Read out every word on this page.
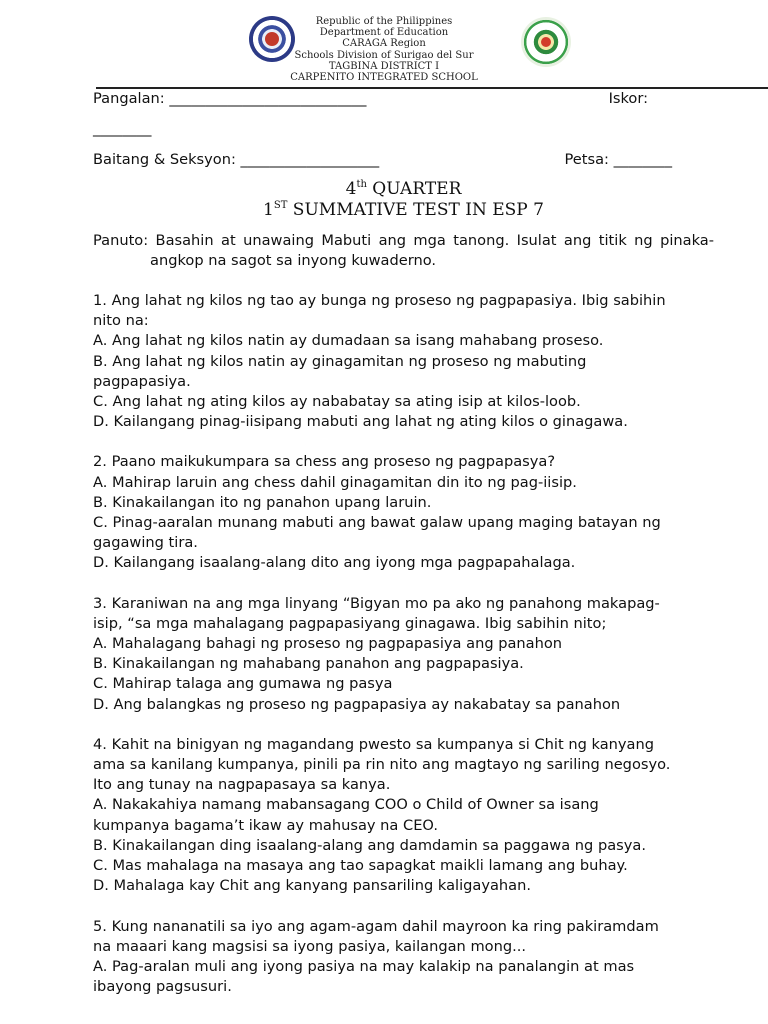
Republic of the Philippines
Department of Education
CARAGA Region
Schools Division of Surigao del Sur
TAGBINA DISTRICT I
CARPENITO INTEGRATED SCHOOL
Pangalan: ___________________________	Iskor:
________
Baitang & Seksyon: ___________________	Petsa: ________
4th QUARTER
1ST SUMMATIVE TEST IN ESP 7
Panuto: Basahin at unawaing Mabuti ang mga tanong. Isulat ang titik ng pinaka-angkop na sagot sa inyong kuwaderno.
1. Ang lahat ng kilos ng tao ay bunga ng proseso ng pagpapasiya. Ibig sabihin
nito na:
A. Ang lahat ng kilos natin ay dumadaan sa isang mahabang proseso.
B. Ang lahat ng kilos natin ay ginagamitan ng proseso ng mabuting
pagpapasiya.
C. Ang lahat ng ating kilos ay nababatay sa ating isip at kilos-loob.
D. Kailangang pinag-iisipang mabuti ang lahat ng ating kilos o ginagawa.
2. Paano maikukumpara sa chess ang proseso ng pagpapasya?
A. Mahirap laruin ang chess dahil ginagamitan din ito ng pag-iisip.
B. Kinakailangan ito ng panahon upang laruin.
C. Pinag-aaralan munang mabuti ang bawat galaw upang maging batayan ng
gagawing tira.
D. Kailangang isaalang-alang dito ang iyong mga pagpapahalaga.
3. Karaniwan na ang mga linyang “Bigyan mo pa ako ng panahong makapag-
isip, “sa mga mahalagang pagpapasiyang ginagawa. Ibig sabihin nito;
A. Mahalagang bahagi ng proseso ng pagpapasiya ang panahon
B. Kinakailangan ng mahabang panahon ang pagpapasiya.
C. Mahirap talaga ang gumawa ng pasya
D. Ang balangkas ng proseso ng pagpapasiya ay nakabatay sa panahon
4. Kahit na binigyan ng magandang pwesto sa kumpanya si Chit ng kanyang
ama sa kanilang kumpanya, pinili pa rin nito ang magtayo ng sariling negosyo.
Ito ang tunay na nagpapasaya sa kanya.
A. Nakakahiya namang mabansagang COO o Child of Owner sa isang
kumpanya bagama’t ikaw ay mahusay na CEO.
B. Kinakailangan ding isaalang-alang ang damdamin sa paggawa ng pasya.
C. Mas mahalaga na masaya ang tao sapagkat maikli lamang ang buhay.
D. Mahalaga kay Chit ang kanyang pansariling kaligayahan.
5. Kung nananatili sa iyo ang agam-agam dahil mayroon ka ring pakiramdam
na maaari kang magsisi sa iyong pasiya, kailangan mong...
A. Pag-aralan muli ang iyong pasiya na may kalakip na panalangin at mas
ibayong pagsusuri.
